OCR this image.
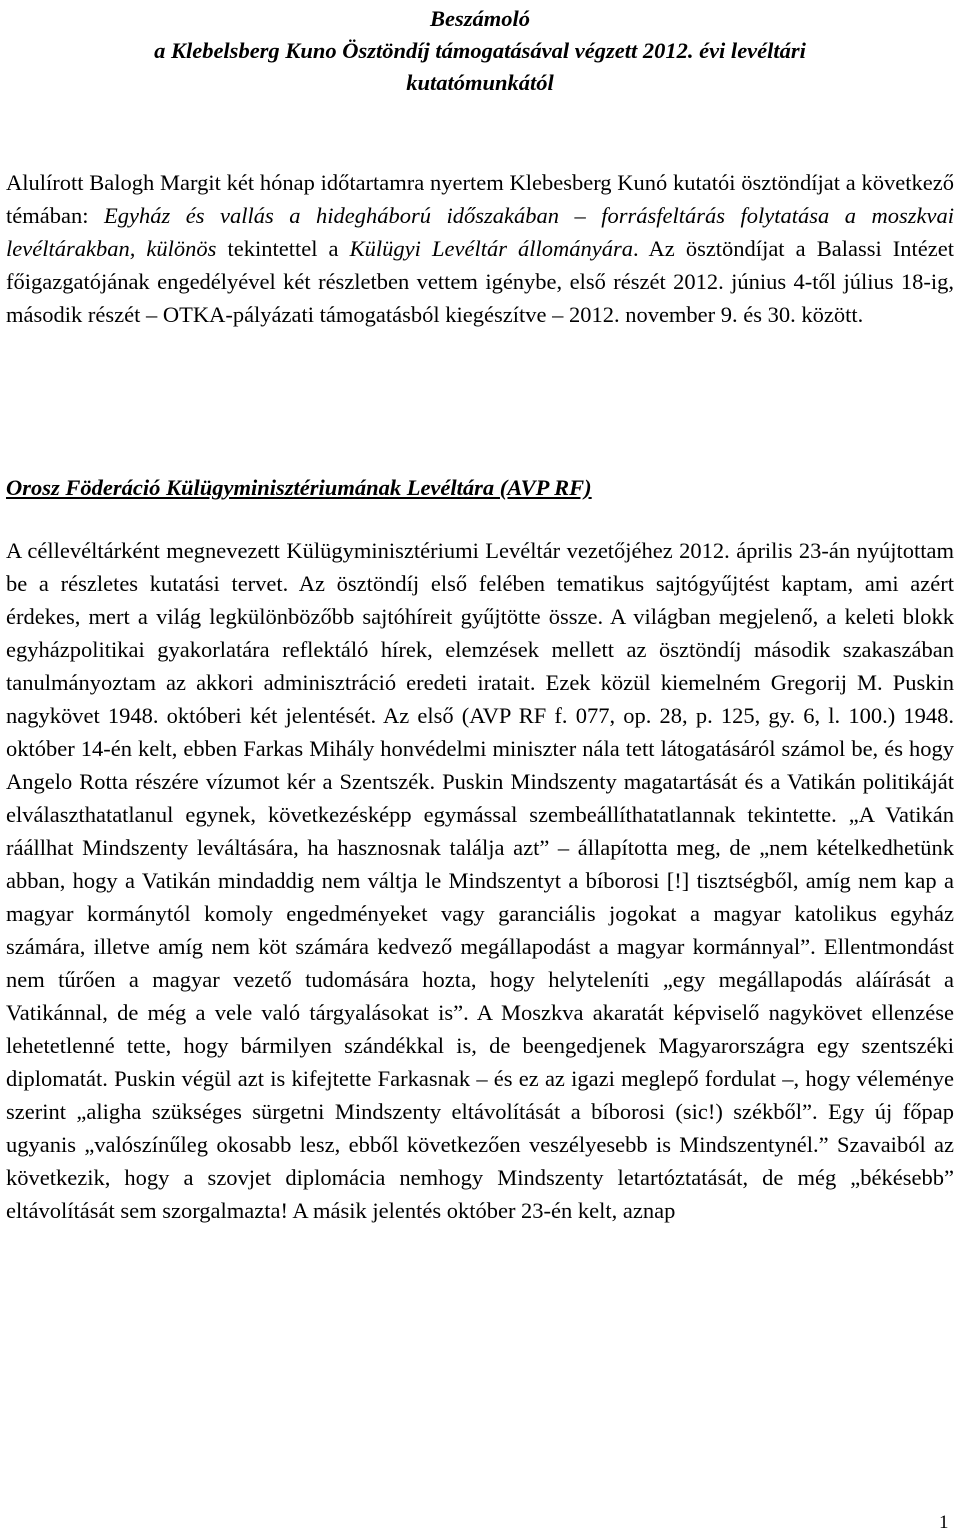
Beszámoló
a Klebelsberg Kuno Ösztöndíj támogatásával végzett 2012. évi levéltári
kutatómunkától

Alulírott Balogh Margit két hónap időtartamra nyertem Klebesberg Kunó kutatói ösztöndíjat a következő témában: Egyház és vallás a hidegháború időszakában – forrásfeltárás folytatása a moszkvai levéltárakban, különös tekintettel a Külügyi Levéltár állományára. Az ösztöndíjat a Balassi Intézet főigazgatójának engedélyével két részletben vettem igénybe, első részét 2012. június 4-től július 18-ig, második részét – OTKA-pályázati támogatásból kiegészítve – 2012. november 9. és 30. között.

Orosz Föderáció Külügyminisztériumának Levéltára (AVP RF)

A céllevéltárként megnevezett Külügyminisztériumi Levéltár vezetőjéhez 2012. április 23-án nyújtottam be a részletes kutatási tervet. Az ösztöndíj első felében tematikus sajtógyűjtést kaptam, ami azért érdekes, mert a világ legkülönbözőbb sajtóhíreit gyűjtötte össze. A világban megjelenő, a keleti blokk egyházpolitikai gyakorlatára reflektáló hírek, elemzések mellett az ösztöndíj második szakaszában tanulmányoztam az akkori adminisztráció eredeti iratait. Ezek közül kiemelném Gregorij M. Puskin nagykövet 1948. októberi két jelentését. Az első (AVP RF f. 077, op. 28, p. 125, gy. 6, l. 100.) 1948. október 14-én kelt, ebben Farkas Mihály honvédelmi miniszter nála tett látogatásáról számol be, és hogy Angelo Rotta részére vízumot kér a Szentszék. Puskin Mindszenty magatartását és a Vatikán politikáját elválaszthatatlanul egynek, következésképp egymással szembeállíthatatlannak tekintette. „A Vatikán ráállhat Mindszenty leváltására, ha hasznosnak találja azt” – állapította meg, de „nem kételkedhetünk abban, hogy a Vatikán mindaddig nem váltja le Mindszentyt a bíborosi [!] tisztségből, amíg nem kap a magyar kormánytól komoly engedményeket vagy garanciális jogokat a magyar katolikus egyház számára, illetve amíg nem köt számára kedvező megállapodást a magyar kormánnyal”. Ellentmondást nem tűrően a magyar vezető tudomására hozta, hogy helyteleníti „egy megállapodás aláírását a Vatikánnal, de még a vele való tárgyalásokat is”. A Moszkva akaratát képviselő nagykövet ellenzése lehetetlenné tette, hogy bármilyen szándékkal is, de beengedjenek Magyarországra egy szentszéki diplomatát. Puskin végül azt is kifejtette Farkasnak – és ez az igazi meglepő fordulat –, hogy véleménye szerint „aligha szükséges sürgetni Mindszenty eltávolítását a bíborosi (sic!) székből”. Egy új főpap ugyanis „valószínűleg okosabb lesz, ebből következően veszélyesebb is Mindszentynél.” Szavaiból az következik, hogy a szovjet diplomácia nemhogy Mindszenty letartóztatását, de még „békésebb” eltávolítását sem szorgalmazta! A másik jelentés október 23-én kelt, aznap

1
